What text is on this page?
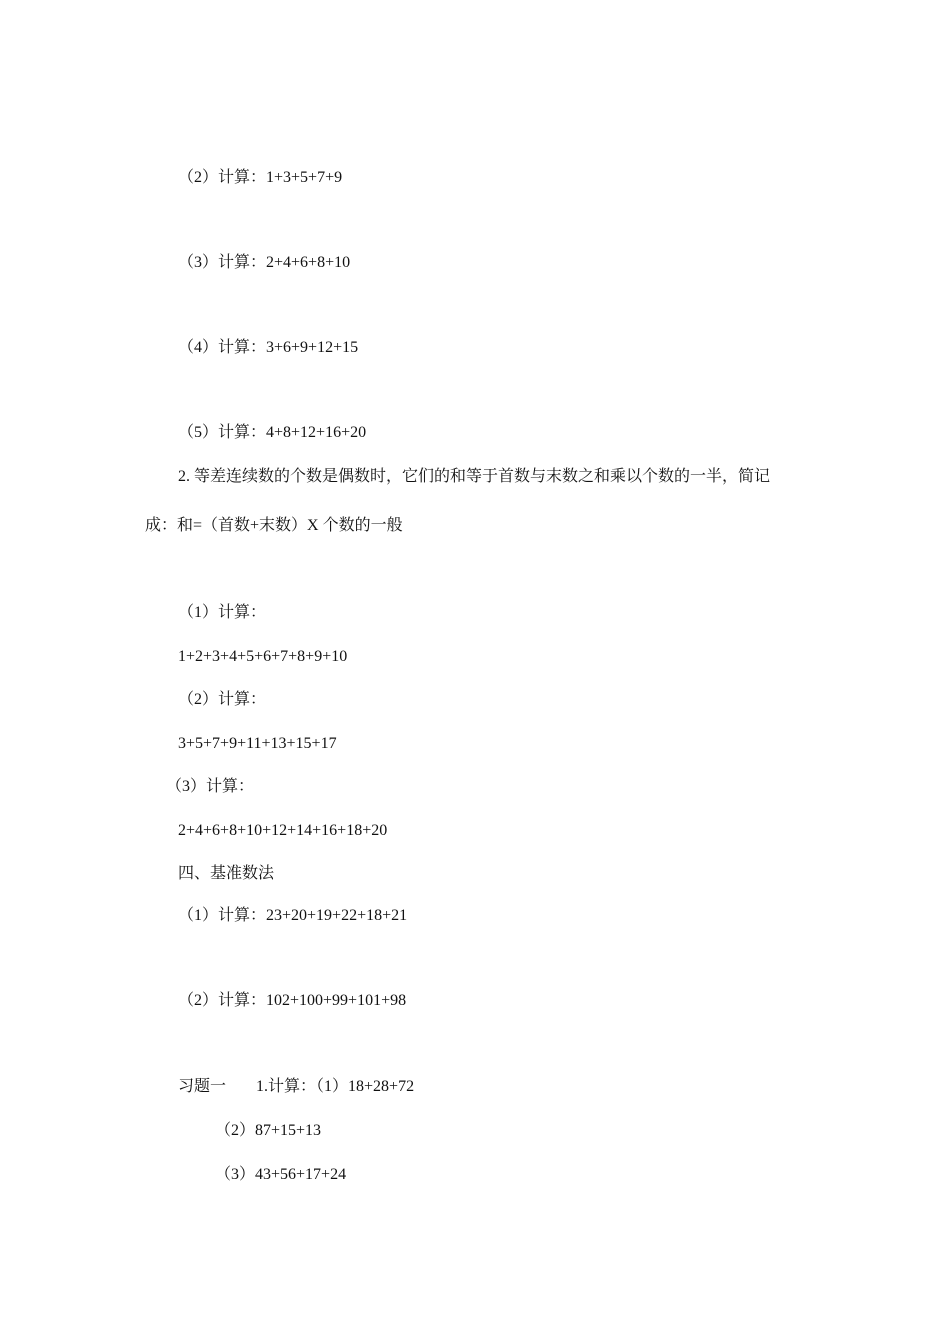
（2）计算：1+3+5+7+9
（3）计算：2+4+6+8+10
（4）计算：3+6+9+12+15
（5）计算：4+8+12+16+20
2. 等差连续数的个数是偶数时，它们的和等于首数与末数之和乘以个数的一半，简记
成：和=（首数+末数）X 个数的一般
（1）计算：
1+2+3+4+5+6+7+8+9+10
（2）计算：
3+5+7+9+11+13+15+17
（3）计算：
2+4+6+8+10+12+14+16+18+20
四、基准数法
（1）计算：23+20+19+22+18+21
（2）计算：102+100+99+101+98
习题一 1.计算：（1）18+28+72
（2）87+15+13
（3）43+56+17+24
